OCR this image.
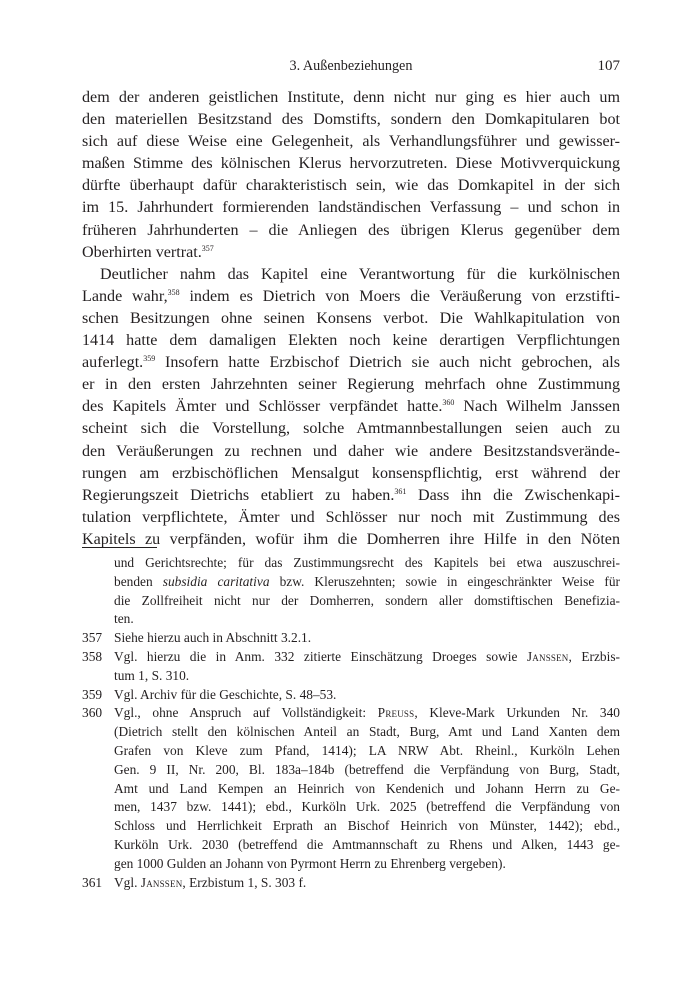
3. Außenbeziehungen	107

dem der anderen geistlichen Institute, denn nicht nur ging es hier auch um
den materiellen Besitzstand des Domstifts, sondern den Domkapitularen bot
sich auf diese Weise eine Gelegenheit, als Verhandlungsführer und gewisser-
maßen Stimme des kölnischen Klerus hervorzutreten. Diese Motivverquickung
dürfte überhaupt dafür charakteristisch sein, wie das Domkapitel in der sich
im 15. Jahrhundert formierenden landständischen Verfassung – und schon in
früheren Jahrhunderten – die Anliegen des übrigen Klerus gegenüber dem
Oberhirten vertrat.$^{357}$

Deutlicher nahm das Kapitel eine Verantwortung für die kurkölnischen
Lande wahr,$^{358}$ indem es Dietrich von Moers die Veräußerung von erzstifti-
schen Besitzungen ohne seinen Konsens verbot. Die Wahlkapitulation von
1414 hatte dem damaligen Elekten noch keine derartigen Verpflichtungen
auferlegt.$^{359}$ Insofern hatte Erzbischof Dietrich sie auch nicht gebrochen, als
er in den ersten Jahrzehnten seiner Regierung mehrfach ohne Zustimmung
des Kapitels Ämter und Schlösser verpfändet hatte.$^{360}$ Nach Wilhelm Janssen
scheint sich die Vorstellung, solche Amtmannbestallungen seien auch zu
den Veräußerungen zu rechnen und daher wie andere Besitzstandsverände-
rungen am erzbischöflichen Mensalgut konsenspflichtig, erst während der
Regierungszeit Dietrichs etabliert zu haben.$^{361}$ Dass ihn die Zwischenkapi-
tulation verpflichtete, Ämter und Schlösser nur noch mit Zustimmung des
Kapitels zu verpfänden, wofür ihm die Domherren ihre Hilfe in den Nöten

und Gerichtsrechte; für das Zustimmungsrecht des Kapitels bei etwa auszuschrei-
benden subsidia caritativa bzw. Kleruszehnten; sowie in eingeschränkter Weise für
die Zollfreiheit nicht nur der Domherren, sondern aller domstiftischen Benefizia-
ten.
357 Siehe hierzu auch in Abschnitt 3.2.1.
358 Vgl. hierzu die in Anm. 332 zitierte Einschätzung Droeges sowie Janssen, Erzbis-
tum 1, S. 310.
359 Vgl. Archiv für die Geschichte, S. 48–53.
360 Vgl., ohne Anspruch auf Vollständigkeit: Preuss, Kleve-Mark Urkunden Nr. 340
(Dietrich stellt den kölnischen Anteil an Stadt, Burg, Amt und Land Xanten dem
Grafen von Kleve zum Pfand, 1414); LA NRW Abt. Rheinl., Kurköln Lehen
Gen. 9 II, Nr. 200, Bl. 183a–184b (betreffend die Verpfändung von Burg, Stadt,
Amt und Land Kempen an Heinrich von Kendenich und Johann Herrn zu Ge-
men, 1437 bzw. 1441); ebd., Kurköln Urk. 2025 (betreffend die Verpfändung von
Schloss und Herrlichkeit Erprath an Bischof Heinrich von Münster, 1442); ebd.,
Kurköln Urk. 2030 (betreffend die Amtmannschaft zu Rhens und Alken, 1443 ge-
gen 1000 Gulden an Johann von Pyrmont Herrn zu Ehrenberg vergeben).
361 Vgl. Janssen, Erzbistum 1, S. 303 f.
